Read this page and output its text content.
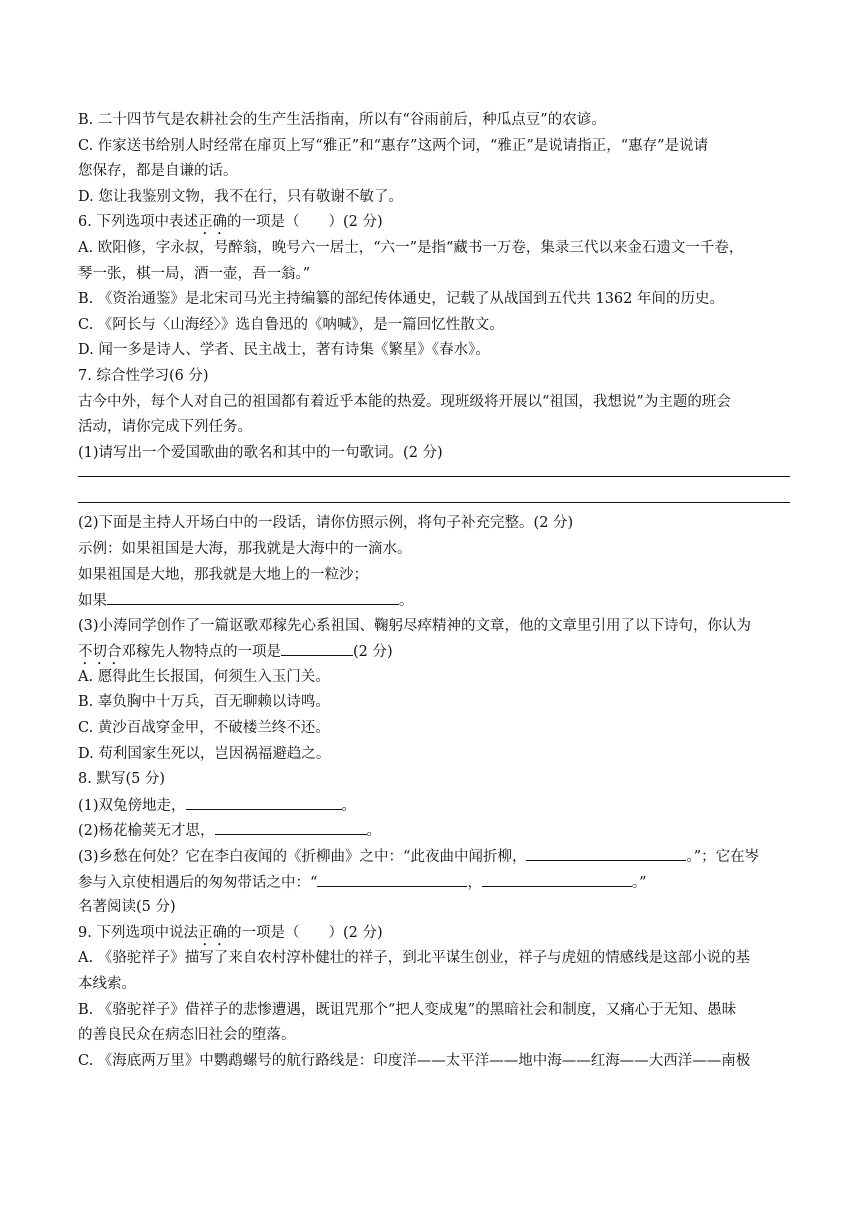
B. 二十四节气是农耕社会的生产生活指南，所以有“谷雨前后，种瓜点豆”的农谚。
C. 作家送书给别人时经常在扉页上写“雅正”和“惠存”这两个词，“雅正”是说请指正，“惠存”是说请
您保存，都是自谦的话。
D. 您让我鉴别文物，我不在行，只有敬谢不敏了。
6. 下列选项中表述正确的一项是（　　）(2 分)
A. 欧阳修，字永叔，号醉翁，晚号六一居士，“六一”是指“藏书一万卷，集录三代以来金石遗文一千卷，
琴一张，棋一局，酒一壶，吾一翁。”
B. 《资治通鉴》是北宋司马光主持编纂的部纪传体通史，记载了从战国到五代共 1362 年间的历史。
C. 《阿长与〈山海经〉》选自鲁迅的《呐喊》，是一篇回忆性散文。
D. 闻一多是诗人、学者、民主战士，著有诗集《繁星》《春水》。
7. 综合性学习(6 分)
古今中外，每个人对自己的祖国都有着近乎本能的热爱。现班级将开展以“祖国，我想说”为主题的班会
活动，请你完成下列任务。
(1)请写出一个爱国歌曲的歌名和其中的一句歌词。(2 分)
(2)下面是主持人开场白中的一段话，请你仿照示例，将句子补充完整。(2 分)
示例：如果祖国是大海，那我就是大海中的一滴水。
如果祖国是大地，那我就是大地上的一粒沙；
如果	。
(3)小涛同学创作了一篇讴歌邓稼先心系祖国、鞠躬尽瘁精神的文章，他的文章里引用了以下诗句，你认为
不切合邓稼先人物特点的一项是	(2 分)
A. 愿得此生长报国，何须生入玉门关。
B. 辜负胸中十万兵，百无聊赖以诗鸣。
C. 黄沙百战穿金甲，不破楼兰终不还。
D. 苟利国家生死以，岂因祸福避趋之。
8. 默写(5 分)
(1)双兔傍地走，	。
(2)杨花榆荚无才思，	。
(3)乡愁在何处？它在李白夜闻的《折柳曲》之中：“此夜曲中闻折柳，	。”；它在岑
参与入京使相遇后的匆匆带话之中：“	，	。”
名著阅读(5 分)
9. 下列选项中说法正确的一项是（　　）(2 分)
A. 《骆驼祥子》描写了来自农村淳朴健壮的祥子，到北平谋生创业，祥子与虎妞的情感线是这部小说的基
本线索。
B. 《骆驼祥子》借祥子的悲惨遭遇，既诅咒那个“把人变成鬼”的黑暗社会和制度，又痛心于无知、愚昧
的善良民众在病态旧社会的堕落。
C. 《海底两万里》中鹦鹉螺号的航行路线是：印度洋——太平洋——地中海——红海——大西洋——南极
